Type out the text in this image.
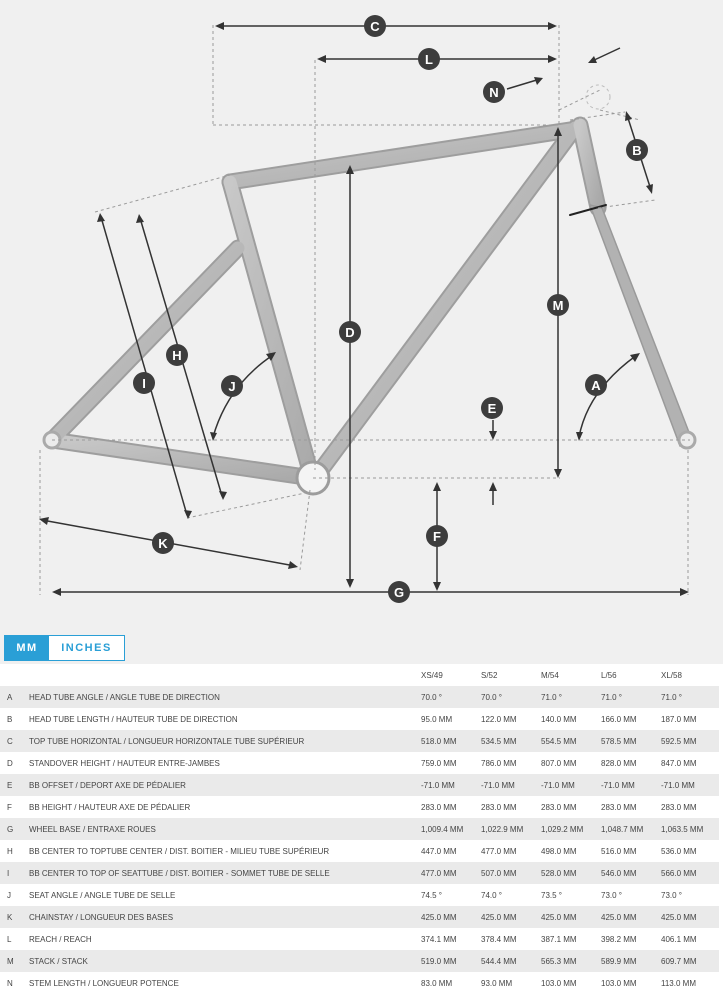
C
L
N
B
M
D
H
I	J	A
E
F
K
G
MM	INCHES
		XS/49	S/52	M/54	L/56	XL/58
A	HEAD TUBE ANGLE / ANGLE TUBE DE DIRECTION	70.0 °	70.0 °	71.0 °	71.0 °	71.0 °
B	HEAD TUBE LENGTH / HAUTEUR TUBE DE DIRECTION	95.0 MM	122.0 MM	140.0 MM	166.0 MM	187.0 MM
C	TOP TUBE HORIZONTAL / LONGUEUR HORIZONTALE TUBE SUPÉRIEUR	518.0 MM	534.5 MM	554.5 MM	578.5 MM	592.5 MM
D	STANDOVER HEIGHT / HAUTEUR ENTRE-JAMBES	759.0 MM	786.0 MM	807.0 MM	828.0 MM	847.0 MM
E	BB OFFSET / DEPORT AXE DE PÉDALIER	-71.0 MM	-71.0 MM	-71.0 MM	-71.0 MM	-71.0 MM
F	BB HEIGHT / HAUTEUR AXE DE PÉDALIER	283.0 MM	283.0 MM	283.0 MM	283.0 MM	283.0 MM
G	WHEEL BASE / ENTRAXE ROUES	1,009.4 MM	1,022.9 MM	1,029.2 MM	1,048.7 MM	1,063.5 MM
H	BB CENTER TO TOPTUBE CENTER / DIST. BOITIER - MILIEU TUBE SUPÉRIEUR	447.0 MM	477.0 MM	498.0 MM	516.0 MM	536.0 MM
I	BB CENTER TO TOP OF SEATTUBE / DIST. BOITIER - SOMMET TUBE DE SELLE	477.0 MM	507.0 MM	528.0 MM	546.0 MM	566.0 MM
J	SEAT ANGLE / ANGLE TUBE DE SELLE	74.5 °	74.0 °	73.5 °	73.0 °	73.0 °
K	CHAINSTAY / LONGUEUR DES BASES	425.0 MM	425.0 MM	425.0 MM	425.0 MM	425.0 MM
L	REACH / REACH	374.1 MM	378.4 MM	387.1 MM	398.2 MM	406.1 MM
M	STACK / STACK	519.0 MM	544.4 MM	565.3 MM	589.9 MM	609.7 MM
N	STEM LENGTH / LONGUEUR POTENCE	83.0 MM	93.0 MM	103.0 MM	103.0 MM	113.0 MM
